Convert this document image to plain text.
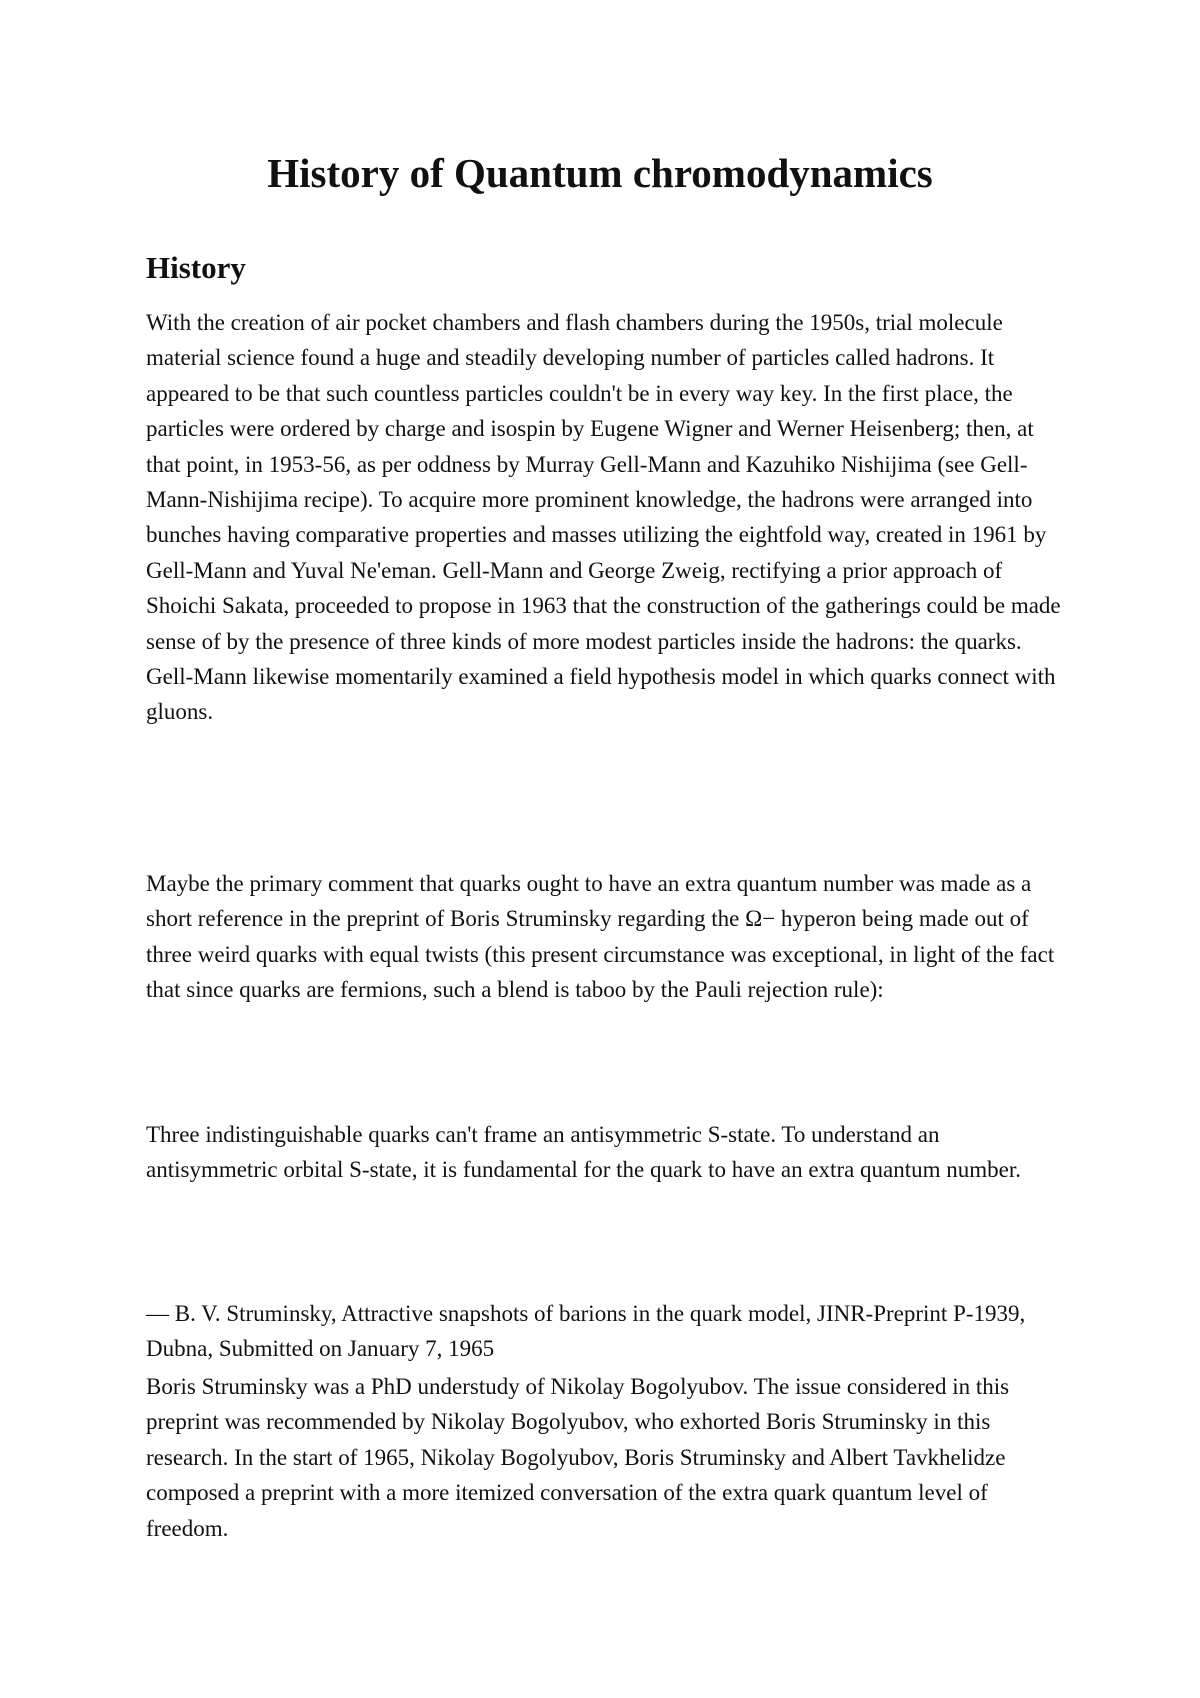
History of Quantum chromodynamics
History

With the creation of air pocket chambers and flash chambers during the 1950s, trial molecule material science found a huge and steadily developing number of particles called hadrons. It appeared to be that such countless particles couldn't be in every way key. In the first place, the particles were ordered by charge and isospin by Eugene Wigner and Werner Heisenberg; then, at that point, in 1953-56, as per oddness by Murray Gell-Mann and Kazuhiko Nishijima (see Gell-Mann-Nishijima recipe). To acquire more prominent knowledge, the hadrons were arranged into bunches having comparative properties and masses utilizing the eightfold way, created in 1961 by Gell-Mann and Yuval Ne'eman. Gell-Mann and George Zweig, rectifying a prior approach of Shoichi Sakata, proceeded to propose in 1963 that the construction of the gatherings could be made sense of by the presence of three kinds of more modest particles inside the hadrons: the quarks. Gell-Mann likewise momentarily examined a field hypothesis model in which quarks connect with gluons.

Maybe the primary comment that quarks ought to have an extra quantum number was made as a short reference in the preprint of Boris Struminsky regarding the Ω− hyperon being made out of three weird quarks with equal twists (this present circumstance was exceptional, in light of the fact that since quarks are fermions, such a blend is taboo by the Pauli rejection rule):

Three indistinguishable quarks can't frame an antisymmetric S-state. To understand an antisymmetric orbital S-state, it is fundamental for the quark to have an extra quantum number.

— B. V. Struminsky, Attractive snapshots of barions in the quark model, JINR-Preprint P-1939, Dubna, Submitted on January 7, 1965

Boris Struminsky was a PhD understudy of Nikolay Bogolyubov. The issue considered in this preprint was recommended by Nikolay Bogolyubov, who exhorted Boris Struminsky in this research. In the start of 1965, Nikolay Bogolyubov, Boris Struminsky and Albert Tavkhelidze composed a preprint with a more itemized conversation of the extra quark quantum level of freedom.
